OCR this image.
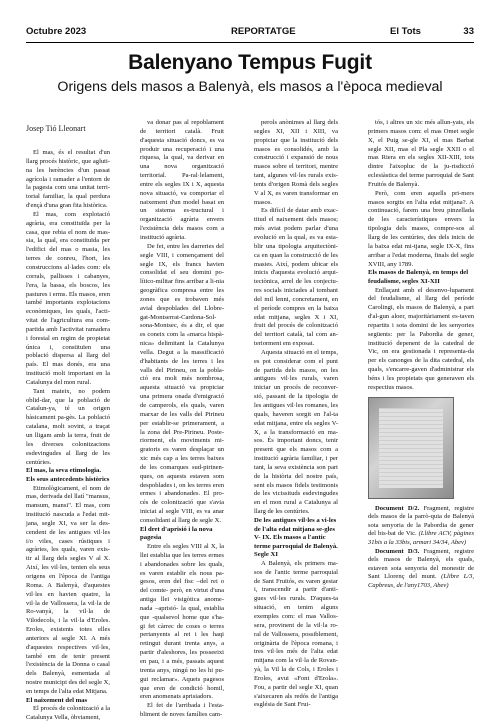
Octubre 2023	REPORTATGE	El Tots	33
Balenyano Tempus Fugit
Origens dels masos a Balenyà, els masos a l'època medieval
Josep Tió Lleonart

El mas, és el resultat d'un llarg procés històric, que agluti-na les herències d'un passat agrícola i ramader a l'entorn de la pagesia com una unitat terri-torial familiar, la qual perdura d'ençà d'una gran fita històrica.

El mas, com explotació agrària, era constituïda per la casa, que rebia el nom de mas-sia, la qual, era constituïda per l'edifici del mas o masia, les terres de conreu, l'hort, les construccions al·lades com: els corrals, pallisses i cabanyes, l'era, la bassa, els boscos, les pastures i erms. Els masos, eren també importants explotacions econòmiques, les quals, l'acti-vitat de l'agricultura era com-partida amb l'activitat ramadera i forestal en regim de propietat única i, constituïen una població dispersa al llarg del país. El mas donés, era una institució molt important en la Catalunya del mon rural.

Tant mateix, no podem oblid-dar, que la població de Catalun-ya, té un origen bàsicament pa-gès. La població catalana, molt sovint, a traçat un lligam amb la terra, fruit de les diverses colonitzacions esdevingudes al llarg de les centúries.

El mas, la seva etimologia. Els seus antecedents històrics

Etimològicament, el nom de mas, derivada del llatí "mansus, mansum, mansi". El mas, com institució nascuda a l'edat mit-jana, segle XI, va ser la des-cendent de les antigues vil·les i/o viles, cases rústiques i agràries, les quals, varen exis-tir al llarg dels segles V al X. Així, les vil·les, tenien els seus origens en l'època de l'antiga Roma. A Balenyà, d'aquestes vil·les en havien quatre, la vil·la de Vallossera, la vil·la de Ro-vanyà, la vil·la de Vilodecols, i la vil·la d'Eroles. Eroles, existents totes elles anteriors al segle XI. A més d'aquestes respectives vil·les, també em de tenir present l'existència de la Donna o casal dels Balenyà, esmentada al nostre municipi des del segle X, en temps de l'alta edat Mitjana.

El naixement del mas

El procés de colonització a la Catalunya Vella, òbviament,

va donar pas al repoblament de territori català. Fruit d'aquesta situació doncs, es va produir una recuperació i una riquesa, la qual, va derivar en una nova organització territorial. Pa-ral·lelament, entre els segles IX i X, aquesta nova situació, va comportar el naixement d'un model basat en un sistema es-tructural i organització agrària envers l'existència dels masos com a institució agrària.

De fet, entre les darreries del segle VIII, i començament del segle IX, els francs havien consolidat el seu domini po-lítico-militar fins arribar a li-nia geogràfica compresa entre les zones que es trobaven més avial despoblades del Llobre-gat-Montserrat-Cardona-Sol-sona-Montsec, és a dir, el que es coneix com la «marca hispà-nica» delimitant la Catalunya vella. Degut a la massificació d'habitants de les terres i les valls del Pirineu, on la pobla-ció era molt més nombrosa, aquesta situació va propiciar una primera onada d'emigració de camperols, els quals, varen marxar de les valls del Pirineu per establir-se primerament, a la zona del Pre-Pirineu. Poste-riorment, els moviments mi-gratoris es varen desplaçar un xic més cap a les terres baixes de les comarques sud-pirinen-ques, on aquests estaven som despoblades i, on les terres eren ermes i abandonades. El pro-cés de colonització que s'avia iniciat al segle VIII, es va anar consolidant al llarg de segle X.

El dret d'aprisió i la nova pagesia

Entre els segles VIII al X, la llei establia que les terres ermes i abandonades sobre les quals, es varen establir els nous pa-gesos, eren del fisc –del rei o del comte- però, en virtut d'una antiga llei visigòtica anome-nada –aprisió- la qual, establia que -qualsevol home que s'ha-gi fet càrrec de coses o terres pertanyents al rei i les haqi retingut durant trenta anys, a partir d'aleshores, les posseeixi en pau, i a més, passats aquest trenta anys, ningú no les hi pu-gui reclamar». Aquets pagesos que eren de condició homil, eren anomenats aprisiadors.

El fet de l'arribada i l'esta-bliment de noves famílies cam-

perols anònimes al llarg dels segles XI, XII i XIII, va propiciar que la institució dels masos es consolidés, amb la construcció i expansió de nous masos sobre el territori, mentre tant, algunes vil·les rurals exis-tents d'origen Romà dels segles V al X, es varen transformar en masos.

Es difícil de datar amb exac-titud el naixement dels masos; més aviat podem parlar d'una evolució en la qual, es va esta-blir una tipologia arquitectòni-ca en quan la construcció de les masies. Així, podem ubicar els inicis d'aquesta evolució arqui-tectònica, arrel de les conjectu-res socials iniciades al tombant del mil lenni, concretament, en el període compres en la baixa edat mitjana, segles X i XI, fruit del procés de colonització del territori català, tal com an-teriorment em exposat.

Aquesta situació en el temps, es pot considerar com el punt de partida dels masos, on les antigues vil·les rurals, varen iniciar un procés de reconver-sió, passant de la tipologia de les antigues vil·les romanes, les quals, haveren sorgit en l'al-ta edat mitjana, entre els segles V-X, a la transformació en ma-sos. És important doncs, tenir present que els masos com a institució agrària familiar, i per tant, la seva existència son part de la història del nostre país, sent els masos fidels testimonis de les vicissituds esdevingudes en el mon rural a Catalunya al llarg de les centúries.

De les antigues vil·les a vi-les de l'alta edat mitjana se-gles V- IX. Els masos a l'antic terme parroquial de Balenyà. Segle XI

A Balenyà, els primers ma-sos de l'antic terme parroquial de Sant Fruitós, es varen gestar i, transcendir a partir d'anti-gues vil·les rurals. D'aques-ta situació, en tenim alguns exemples com: el mas Vallos-sera, provinent de la vil·la ro-ral de Vallossera, possiblement, originària de l'època romana, i tres vil·les més de l'alta edat mitjana com la vil·la de Rovan-yà, la Vil la de Cols, i Eroles i Eroles, avui «Font d'Erola». Fou, a partir del segle XI, quan s'aixecaren als redós de l'antiga església de Sant Frui-

tós, i altres un xic més allun-yats, els primers masos com: el mas Omet segle X, el Puig se-gle XI, el mas Barbat segle XII, mas el Pla segle XXII o el mas Riera en els segles XII-XIII, tots dintre l'aixopluc de la ju-risdicció eclesiàstica del terme parroquial de Sant Fruitós de Balenyà.

Però, com eren aquells pri-mers masos sorgits en l'alta edat mitjana?. A continuació, farem una breu pinzellada de les característiques envers la tipologia dels masos, compre-sos al llarg de les centúries, des dels inicis de la baixa edat mi-tjana, segle IX-X, fins arribar a l'edat moderna, finals del segle XVIII, any 1789.

Els masos de Balenyà, en temps del feudalisme, segles XI-XII

Enllaçant amb el desenvo-lupament del feudalisme, al llarg del període Carolingi, els masos de Balenyà, a part d'al-gun aloer, majoritàriament es-taven repartits i sota domini de les senyories següents: per la Pabordia de gener, institució depenent de la catedral de Vic, on era gestionada i representa-da per els canonges de la dita catedral, els quals, s'encarre-gaven d'administrar els béns i les propietats que generaven els respectius masos.

Document D/2. Fragment, registre dels masos de la parrò-quia de Balenyà sota senyoria de la Pabordia de gener del bis-bat de Vic. (Llibre ACV, pàgines 31bis a la 33bis, armari 34/34, Abev)

Document D/3. Fragment, registre dels masos de Balenyà, els quals, estaven sota senyoria del monestir de Sant Llorenç del munt. (Llibre L/3, Capbreus, de l'any1703, Abev)
